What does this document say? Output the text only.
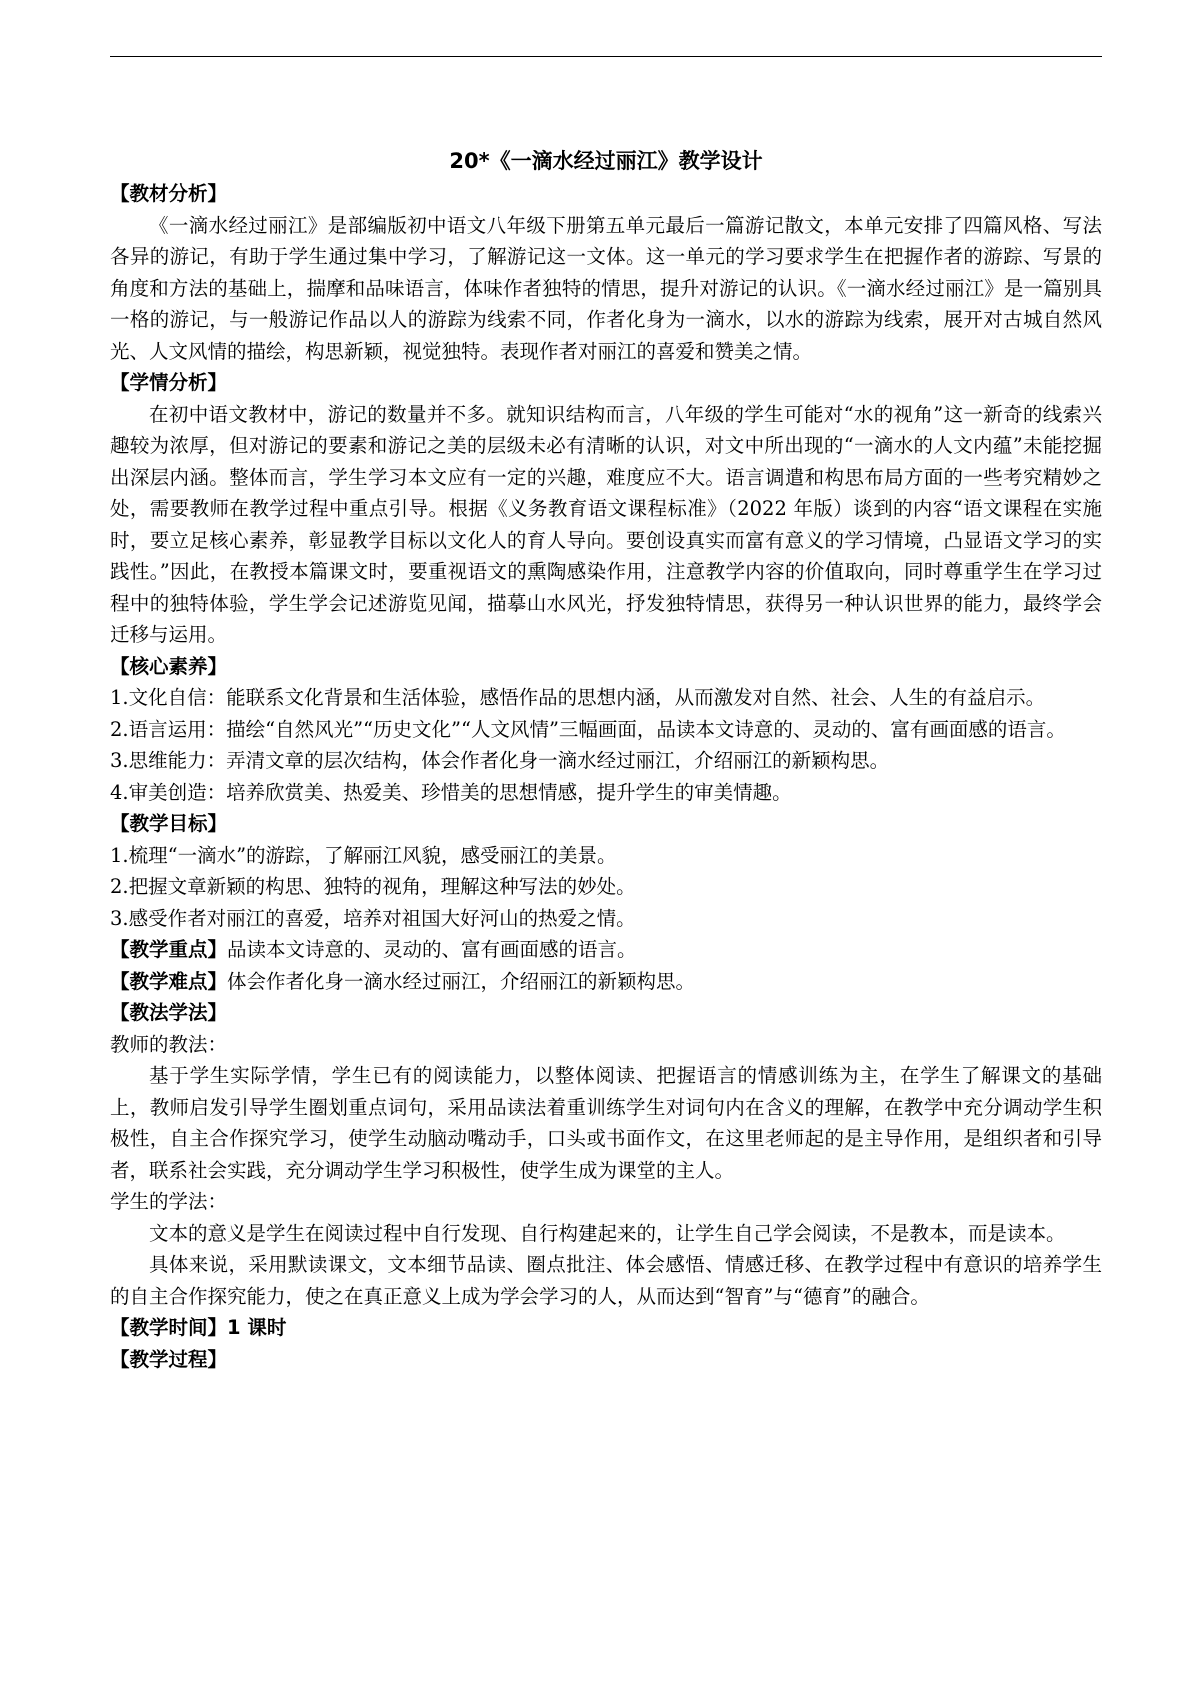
20*《一滴水经过丽江》教学设计

【教材分析】

《一滴水经过丽江》是部编版初中语文八年级下册第五单元最后一篇游记散文，本单元安排了四篇风格、写法各异的游记，有助于学生通过集中学习，了解游记这一文体。这一单元的学习要求学生在把握作者的游踪、写景的角度和方法的基础上，揣摩和品味语言，体味作者独特的情思，提升对游记的认识。《一滴水经过丽江》是一篇别具一格的游记，与一般游记作品以人的游踪为线索不同，作者化身为一滴水，以水的游踪为线索，展开对古城自然风光、人文风情的描绘，构思新颖，视觉独特。表现作者对丽江的喜爱和赞美之情。

【学情分析】

在初中语文教材中，游记的数量并不多。就知识结构而言，八年级的学生可能对“水的视角”这一新奇的线索兴趣较为浓厚，但对游记的要素和游记之美的层级未必有清晰的认识，对文中所出现的“一滴水的人文内蕴”未能挖掘出深层内涵。整体而言，学生学习本文应有一定的兴趣，难度应不大。语言调遣和构思布局方面的一些考究精妙之处，需要教师在教学过程中重点引导。根据《义务教育语文课程标准》（2022 年版）谈到的内容“语文课程在实施时，要立足核心素养，彰显教学目标以文化人的育人导向。要创设真实而富有意义的学习情境，凸显语文学习的实践性。”因此，在教授本篇课文时，要重视语文的熏陶感染作用，注意教学内容的价值取向，同时尊重学生在学习过程中的独特体验，学生学会记述游览见闻，描摹山水风光，抒发独特情思，获得另一种认识世界的能力，最终学会迁移与运用。

【核心素养】

1.文化自信：能联系文化背景和生活体验，感悟作品的思想内涵，从而激发对自然、社会、人生的有益启示。

2.语言运用：描绘“自然风光”“历史文化”“人文风情”三幅画面，品读本文诗意的、灵动的、富有画面感的语言。

3.思维能力：弄清文章的层次结构，体会作者化身一滴水经过丽江，介绍丽江的新颖构思。

4.审美创造：培养欣赏美、热爱美、珍惜美的思想情感，提升学生的审美情趣。

【教学目标】

1.梳理“一滴水”的游踪，了解丽江风貌，感受丽江的美景。

2.把握文章新颖的构思、独特的视角，理解这种写法的妙处。

3.感受作者对丽江的喜爱，培养对祖国大好河山的热爱之情。

【教学重点】品读本文诗意的、灵动的、富有画面感的语言。

【教学难点】体会作者化身一滴水经过丽江，介绍丽江的新颖构思。

【教法学法】

教师的教法：

基于学生实际学情，学生已有的阅读能力，以整体阅读、把握语言的情感训练为主，在学生了解课文的基础上，教师启发引导学生圈划重点词句，采用品读法着重训练学生对词句内在含义的理解，在教学中充分调动学生积极性，自主合作探究学习，使学生动脑动嘴动手，口头或书面作文，在这里老师起的是主导作用，是组织者和引导者，联系社会实践，充分调动学生学习积极性，使学生成为课堂的主人。

学生的学法：

文本的意义是学生在阅读过程中自行发现、自行构建起来的，让学生自己学会阅读，不是教本，而是读本。

具体来说，采用默读课文，文本细节品读、圈点批注、体会感悟、情感迁移、在教学过程中有意识的培养学生的自主合作探究能力，使之在真正意义上成为学会学习的人，从而达到“智育”与“德育”的融合。

【教学时间】1 课时

【教学过程】
